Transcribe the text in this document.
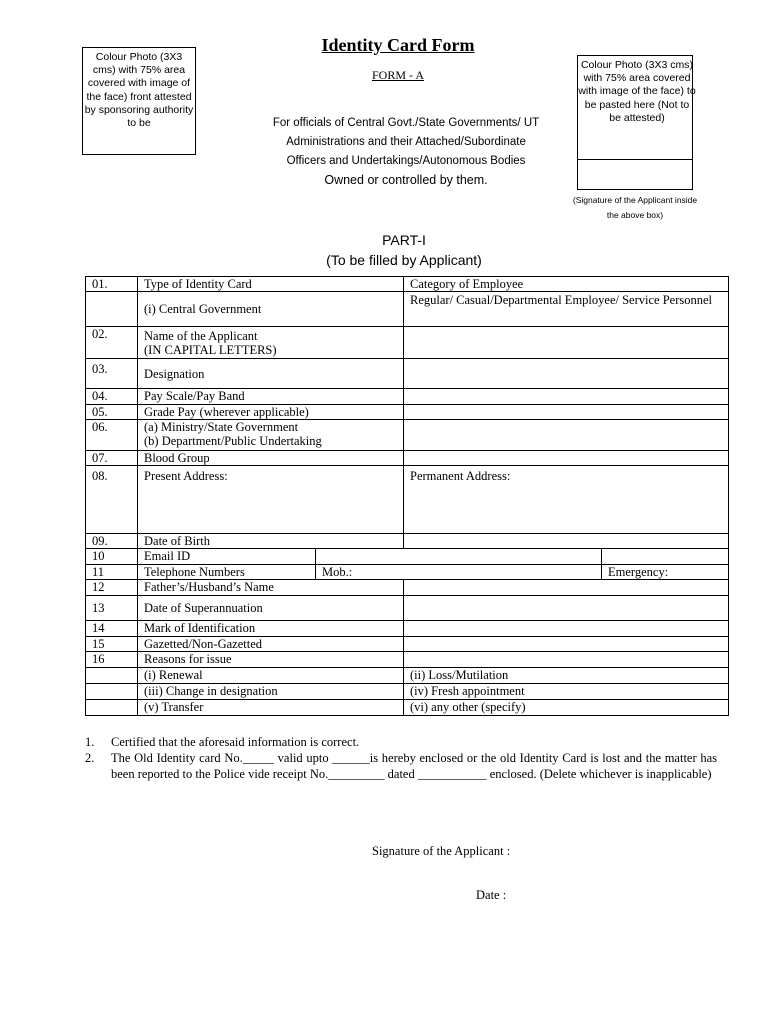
Colour Photo (3X3 cms) with 75% area covered with image of the face) front attested by sponsoring authority to be
Colour Photo (3X3 cms) with 75% area covered with image of the face) to be pasted here (Not to be attested)
(Signature of the Applicant inside the above box)
Identity Card Form
FORM - A
For officials of Central Govt./State Governments/ UT
Administrations and their Attached/Subordinate
Officers and Undertakings/Autonomous Bodies
Owned or controlled by them.
PART-I
(To be filled by Applicant)
01.	Type of Identity Card		Category of Employee	
	(i) Central Government		Regular/ Casual/Departmental Employee/ Service Personnel	
02.	Name of the Applicant
(IN CAPITAL LETTERS)			

03.	Designation			
04.	Pay Scale/Pay Band			
05.	Grade Pay (wherever applicable)			
06.	(a) Ministry/State Government
(b) Department/Public Undertaking			

07.	Blood Group			
08.	Present Address:		Permanent Address:	
09.	Date of Birth			
10	Email ID			
11	Telephone Numbers	Mob.:		Emergency:
12	Father’s/Husband’s Name			
13	Date of Superannuation			
14	Mark of Identification			
15	Gazetted/Non-Gazetted			
16	Reasons for issue			
	(i) Renewal		(ii) Loss/Mutilation	
	(iii) Change in designation		(iv) Fresh appointment	
	(v) Transfer		(vi) any other (specify)	
1.	Certified that the aforesaid information is correct.
2.	The Old Identity card No._____ valid upto ______is hereby enclosed or the old Identity Card is lost and the matter has been reported to the Police vide receipt No._________ dated ___________ enclosed. (Delete whichever is inapplicable)
Signature of the Applicant :
Date :
